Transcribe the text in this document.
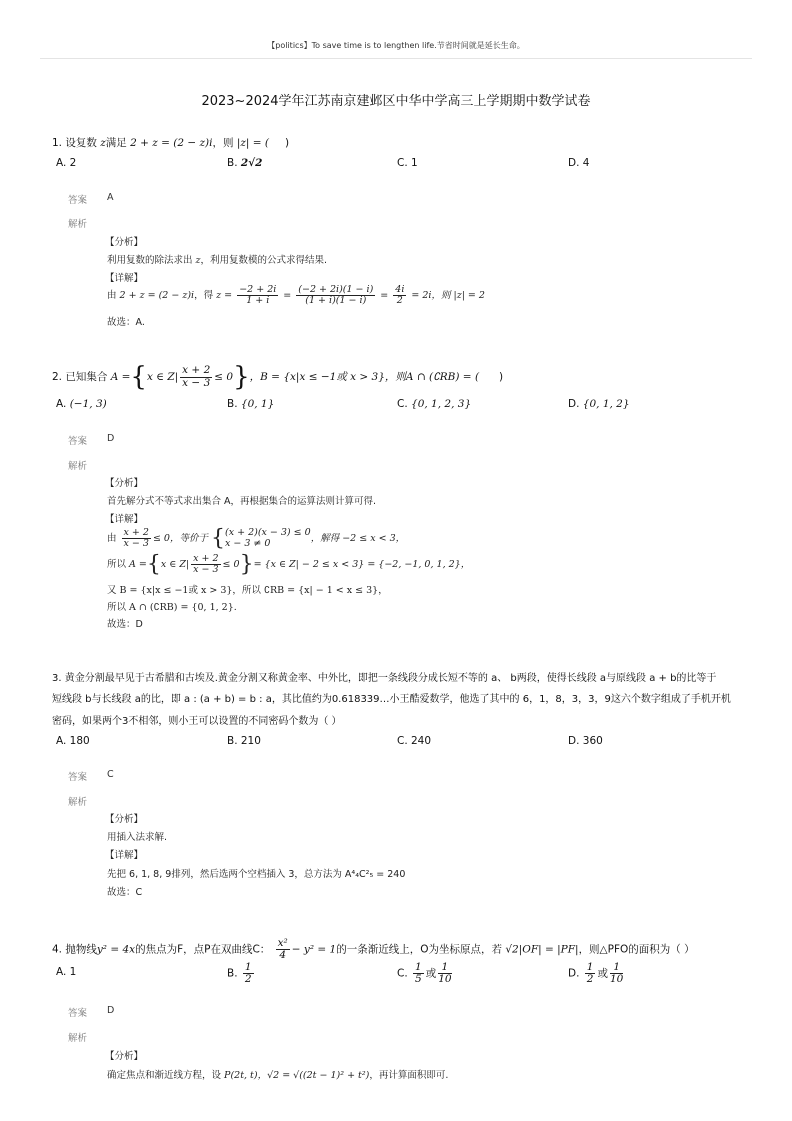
【politics】To save time is to lengthen life.节省时间就是延长生命。
2023~2024学年江苏南京建邺区中华中学高三上学期期中数学试卷
1. 设复数 z满足 2 + z = (2 − z)i，则 |z| = ( )
A. 2	B. 2√2	C. 1	D. 4
答案 A
解析
【分析】
利用复数的除法求出 z，利用复数模的公式求得结果.
【详解】
由 2 + z = (2 − z)i，得 $z = \frac{-2 + 2i}{1 + i} = \frac{(-2 + 2i)(1 - i)}{(1 + i)(1 - i)} = \frac{4i}{2} = 2i$，则 |z| = 2
故选：A.
2. 已知集合 A ={x ∈ $Z| \frac{x + 2}{x - 3} \le 0$}，B = {x|x ≤ −1或 x > 3}，则A ∩ (∁RB) = ( )
A. (−1, 3)	B. {0, 1}	C. {0, 1, 2, 3}	D. {0, 1, 2}
答案 D
解析
【分析】
首先解分式不等式求出集合 A，再根据集合的运算法则计算可得.
【详解】
由 $\frac{x + 2}{x - 3} \le 0$，等价于 { (x + 2)(x − 3) ≤ 0
x − 3 ≠ 0	，解得 −2 ≤ x < 3，
所以 A ={x ∈ $Z| \frac{x + 2}{x - 3} \le 0\}= \{x$ ∈ Z| − 2 ≤ x < 3} = {−2, −1, 0, 1, 2}，
又 B = {x|x ≤ −1或 x > 3}，所以 ∁RB = {x| − 1 < x ≤ 3}，
所以 A ∩ (∁RB) = {0, 1, 2}.
故选：D
3. 黄金分割最早见于古希腊和古埃及.黄金分割又称黄金率、中外比，即把一条线段分成长短不等的 a、 b两段，使得长线段 a与原线段 a + b的比等于
短线段 b与长线段 a的比，即 a : (a + b) = b : a，其比值约为0.618339…小王酷爱数学，他选了其中的 6，1，8，3，3，9这六个数字组成了手机开机
密码，如果两个3不相邻，则小王可以设置的不同密码个数为（ ）
A. 180	B. 210	C. 240	D. 360
答案 C
解析
【分析】
用插入法求解.
【详解】
先把 6, 1, 8, 9排列，然后选两个空档插入 3，总方法为 A⁴₄C²₅ = 240
故选：C
4. 抛物线y² = 4x的焦点为F，点P在双曲线C： $\frac{\text{x²}}{4} - y^2 = 1$的一条渐近线上，O为坐标原点，若 √2|OF| = |PF|，则△PFO的面积为（ ）
A. 1	B. $\frac{1}{2}$	C. $\frac{1}{5}$ 或 $\frac{1}{10}$	D. $\frac{1}{2}$ 或 $\frac{1}{10}$
答案 D
解析
【分析】
确定焦点和渐近线方程，设 P(2t, t)，√2 = √((2t − 1)² + t²)，再计算面积即可.
